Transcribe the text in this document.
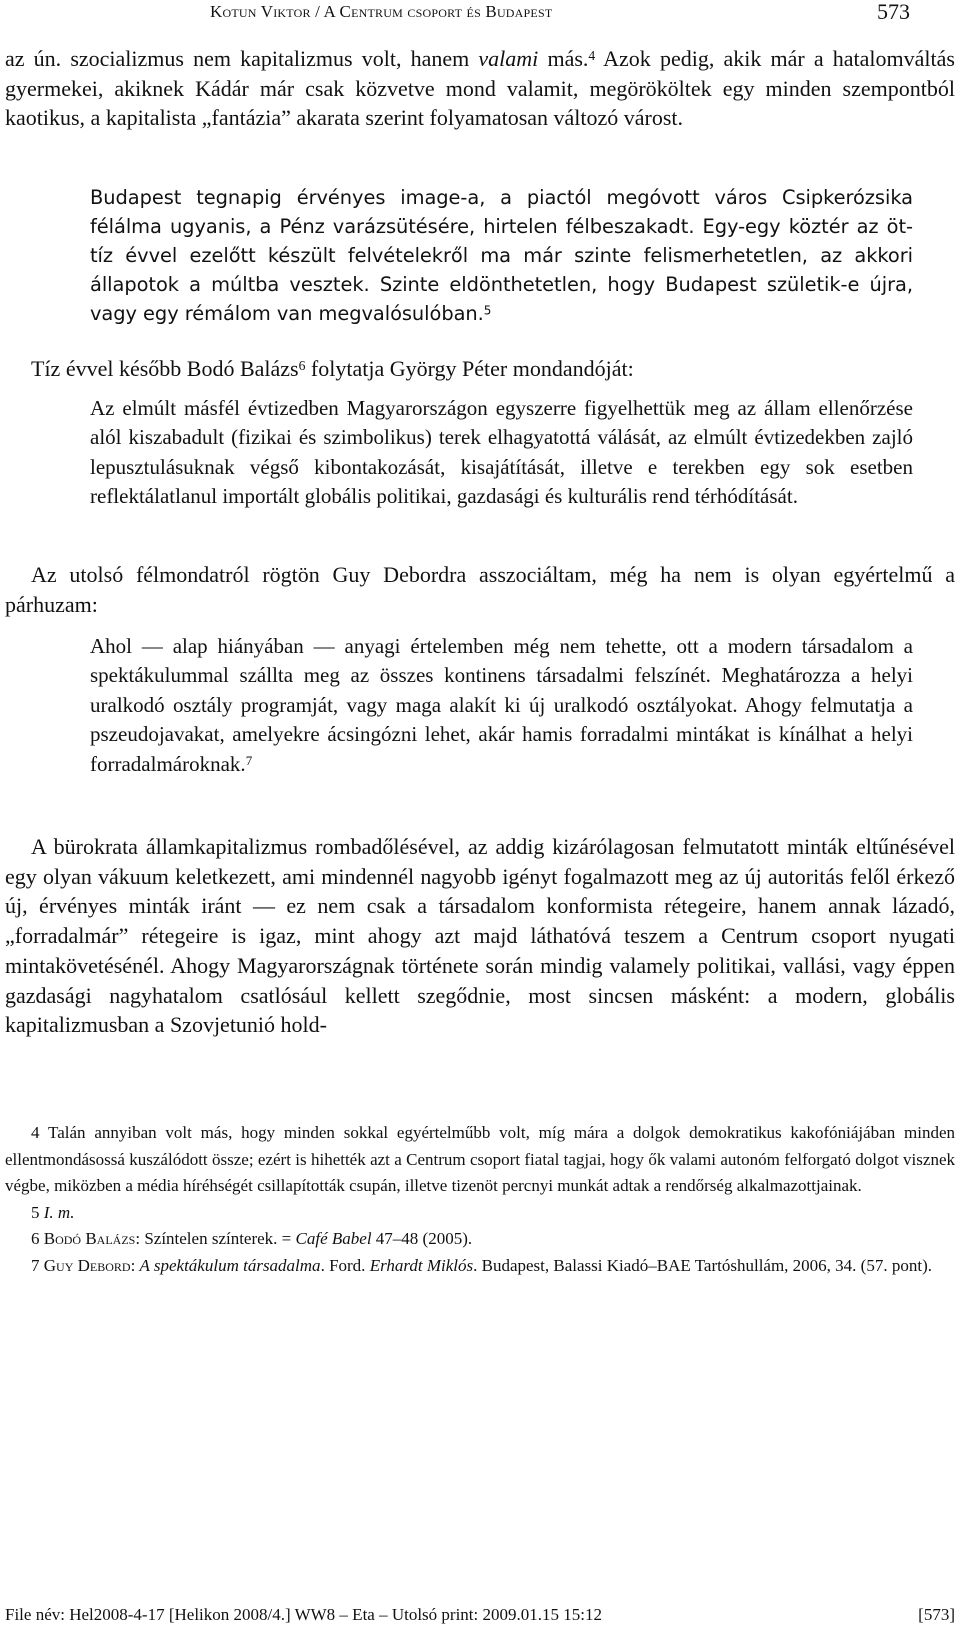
Kotun Viktor / A Centrum csoport és Budapest	573

az ún. szocializmus nem kapitalizmus volt, hanem valami más.$^4$ Azok pedig, akik már a hatalomváltás gyermekei, akiknek Kádár már csak közvetve mond valamit, megörököltek egy minden szempontból kaotikus, a kapitalista „fantázia” akarata szerint folyamatosan változó várost.

Budapest tegnapig érvényes image-a, a piactól megóvott város Csipkerózsika félálma ugyanis, a Pénz varázsütésére, hirtelen félbeszakadt. Egy-egy köztér az öt-tíz évvel ezelőtt készült felvételekről ma már szinte felismerhetetlen, az akkori állapotok a múltba vesztek. Szinte eldönthetetlen, hogy Budapest születik-e újra, vagy egy rémálom van megvalósulóban.$^5$

Tíz évvel később Bodó Balázs$^6$ folytatja György Péter mondandóját:

Az elmúlt másfél évtizedben Magyarországon egyszerre figyelhettük meg az állam ellenőrzése alól kiszabadult (fizikai és szimbolikus) terek elhagyatottá válását, az elmúlt évtizedekben zajló lepusztulásuknak végső kibontakozását, kisajátítását, illetve e terekben egy sok esetben reflektálatlanul importált globális politikai, gazdasági és kulturális rend térhódítását.

Az utolsó félmondatról rögtön Guy Debordra asszociáltam, még ha nem is olyan egyértelmű a párhuzam:

Ahol — alap hiányában — anyagi értelemben még nem tehette, ott a modern társadalom a spektákulummal szállta meg az összes kontinens társadalmi felszínét. Meghatározza a helyi uralkodó osztály programját, vagy maga alakít ki új uralkodó osztályokat. Ahogy felmutatja a pszeudojavakat, amelyekre ácsingózni lehet, akár hamis forradalmi mintákat is kínálhat a helyi forradalmároknak.$^7$

A bürokrata államkapitalizmus rombadőlésével, az addig kizárólagosan felmutatott minták eltűnésével egy olyan vákuum keletkezett, ami mindennél nagyobb igényt fogalmazott meg az új autoritás felől érkező új, érvényes minták iránt — ez nem csak a társadalom konformista rétegeire, hanem annak lázadó, „forradalmár” rétegeire is igaz, mint ahogy azt majd láthatóvá teszem a Centrum csoport nyugati mintakövetésénél. Ahogy Magyarországnak története során mindig valamely politikai, vallási, vagy éppen gazdasági nagyhatalom csatlósául kellett szegődnie, most sincsen másként: a modern, globális kapitalizmusban a Szovjetunió hold-

4 Talán annyiban volt más, hogy minden sokkal egyértelműbb volt, míg mára a dolgok demokratikus kakofóniájában minden ellentmondásossá kuszálódott össze; ezért is hihették azt a Centrum csoport fiatal tagjai, hogy ők valami autonóm felforgató dolgot visznek végbe, miközben a média híréhségét csillapították csupán, illetve tizenöt percnyi munkát adtak a rendőrség alkalmazottjainak.

5 I. m.

6 Bodó Balázs: Színtelen színterek. = Café Babel 47–48 (2005).

7 Guy Debord: A spektákulum társadalma. Ford. Erhardt Miklós. Budapest, Balassi Kiadó–BAE Tartóshullám, 2006, 34. (57. pont).

File név: Hel2008-4-17 [Helikon 2008/4.] WW8 – Eta – Utolsó print: 2009.01.15 15:12	[573]
